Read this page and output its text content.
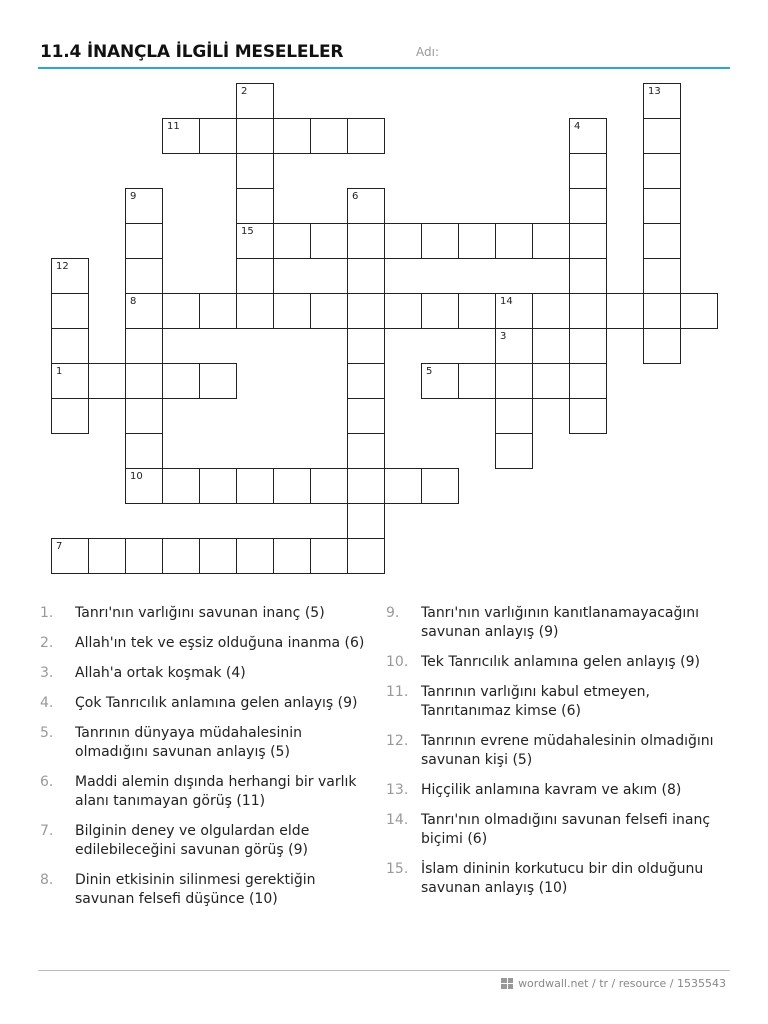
11.4 İNANÇLA İLGİLİ MESELELER	Adı:
1
2
15
3
4
5
6
7
8
9
10
11
12
13
14
1.	Tanrı'nın varlığını savunan inanç (5)
2.	Allah'ın tek ve eşsiz olduğuna inanma (6)
3.	Allah'a ortak koşmak (4)
4.	Çok Tanrıcılık anlamına gelen anlayış (9)
5.	Tanrının dünyaya müdahalesinin olmadığını savunan anlayış (5)
6.	Maddi alemin dışında herhangi bir varlık alanı tanımayan görüş (11)
7.	Bilginin deney ve olgulardan elde edilebileceğini savunan görüş (9)
8.	Dinin etkisinin silinmesi gerektiğin savunan felsefi düşünce (10)
9.	Tanrı'nın varlığının kanıtlanamayacağını savunan anlayış (9)
10. Tek Tanrıcılık anlamına gelen anlayış (9)
11. Tanrının varlığını kabul etmeyen, Tanrıtanımaz kimse (6)
12. Tanrının evrene müdahalesinin olmadığını savunan kişi (5)
13. Hiççilik anlamına kavram ve akım (8)
14. Tanrı'nın olmadığını savunan felsefi inanç biçimi (6)
15. İslam dininin korkutucu bir din olduğunu savunan anlayış (10)
wordwall.net / tr / resource / 1535543
